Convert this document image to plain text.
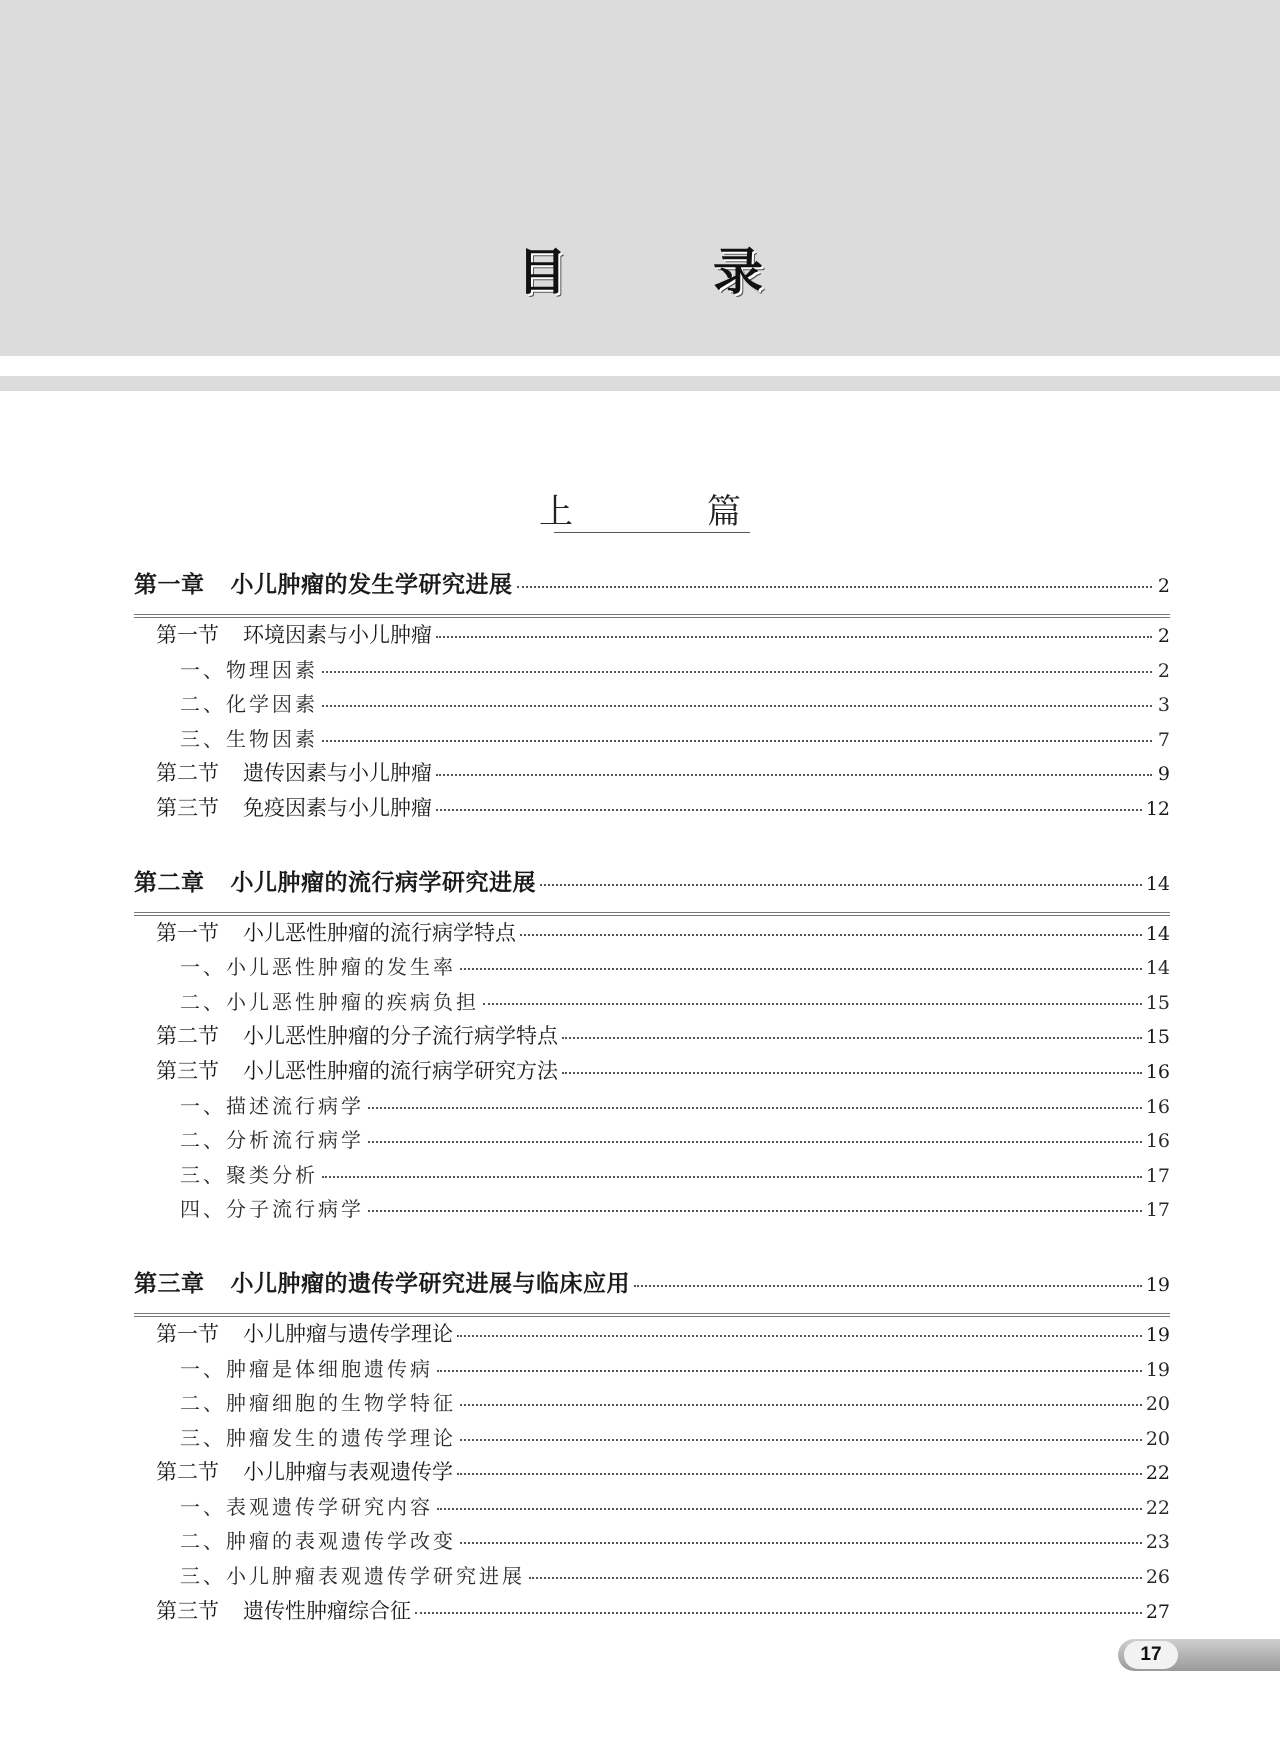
目　录
上　篇
第一章 小儿肿瘤的发生学研究进展	2
第一节 环境因素与小儿肿瘤	2
一、物理因素	2
二、化学因素	3
三、生物因素	7
第二节 遗传因素与小儿肿瘤	9
第三节 免疫因素与小儿肿瘤	12
第二章 小儿肿瘤的流行病学研究进展	14
第一节 小儿恶性肿瘤的流行病学特点	14
一、小儿恶性肿瘤的发生率	14
二、小儿恶性肿瘤的疾病负担	15
第二节 小儿恶性肿瘤的分子流行病学特点	15
第三节 小儿恶性肿瘤的流行病学研究方法	16
一、描述流行病学	16
二、分析流行病学	16
三、聚类分析	17
四、分子流行病学	17
第三章 小儿肿瘤的遗传学研究进展与临床应用	19
第一节 小儿肿瘤与遗传学理论	19
一、肿瘤是体细胞遗传病	19
二、肿瘤细胞的生物学特征	20
三、肿瘤发生的遗传学理论	20
第二节 小儿肿瘤与表观遗传学	22
一、表观遗传学研究内容	22
二、肿瘤的表观遗传学改变	23
三、小儿肿瘤表观遗传学研究进展	26
第三节 遗传性肿瘤综合征	27
17
